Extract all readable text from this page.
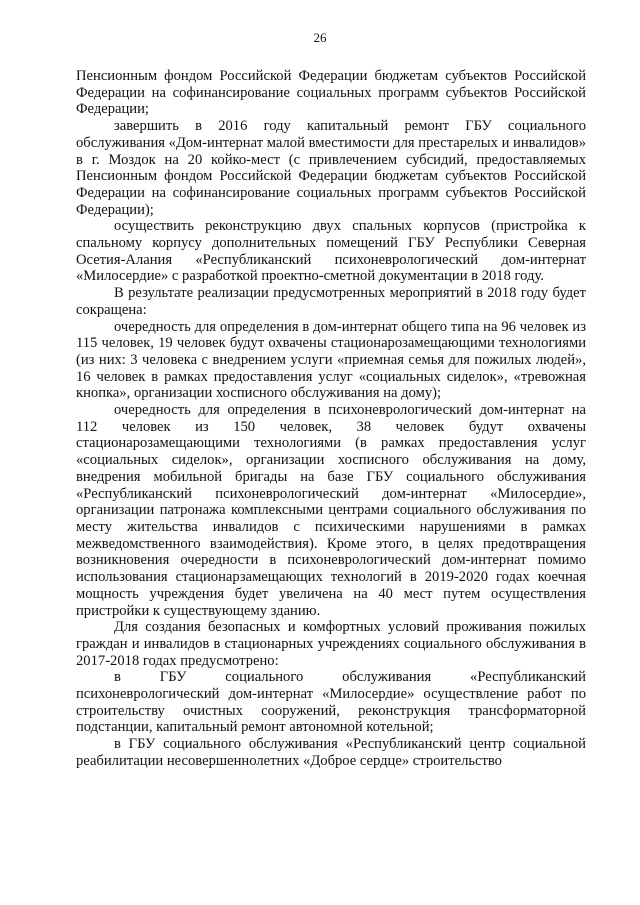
26

Пенсионным фондом Российской Федерации бюджетам субъектов Российской Федерации на софинансирование социальных программ субъектов Российской Федерации;

завершить в 2016 году капитальный ремонт ГБУ социального обслуживания «Дом-интернат малой вместимости для престарелых и инвалидов» в г. Моздок на 20 койко-мест (с привлечением субсидий, предоставляемых Пенсионным фондом Российской Федерации бюджетам субъектов Российской Федерации на софинансирование социальных программ субъектов Российской Федерации);

осуществить реконструкцию двух спальных корпусов (пристройка к спальному корпусу дополнительных помещений ГБУ Республики Северная Осетия-Алания «Республиканский психоневрологический дом-интернат «Милосердие» с разработкой проектно-сметной документации в 2018 году.

В результате реализации предусмотренных мероприятий в 2018 году будет сокращена:

очередность для определения в дом-интернат общего типа на 96 человек из 115 человек, 19 человек будут охвачены стационарозамещающими технологиями (из них: 3 человека с внедрением услуги «приемная семья для пожилых людей», 16 человек в рамках предоставления услуг «социальных сиделок», «тревожная кнопка», организации хосписного обслуживания на дому);

очередность для определения в психоневрологический дом-интернат на 112 человек из 150 человек, 38 человек будут охвачены стационарозамещающими технологиями (в рамках предоставления услуг «социальных сиделок», организации хосписного обслуживания на дому, внедрения мобильной бригады на базе ГБУ социального обслуживания «Республиканский психоневрологический дом-интернат «Милосердие», организации патронажа комплексными центрами социального обслуживания по месту жительства инвалидов с психическими нарушениями в рамках межведомственного взаимодействия). Кроме этого, в целях предотвращения возникновения очередности в психоневрологический дом-интернат помимо использования стационарзамещающих технологий в 2019-2020 годах коечная мощность учреждения будет увеличена на 40 мест путем осуществления пристройки к существующему зданию.

Для создания безопасных и комфортных условий проживания пожилых граждан и инвалидов в стационарных учреждениях социального обслуживания в 2017-2018 годах предусмотрено:

в ГБУ социального обслуживания «Республиканский психоневрологический дом-интернат «Милосердие» осуществление работ по строительству очистных сооружений, реконструкция трансформаторной подстанции, капитальный ремонт автономной котельной;

в ГБУ социального обслуживания «Республиканский центр социальной реабилитации несовершеннолетних «Доброе сердце» строительство
